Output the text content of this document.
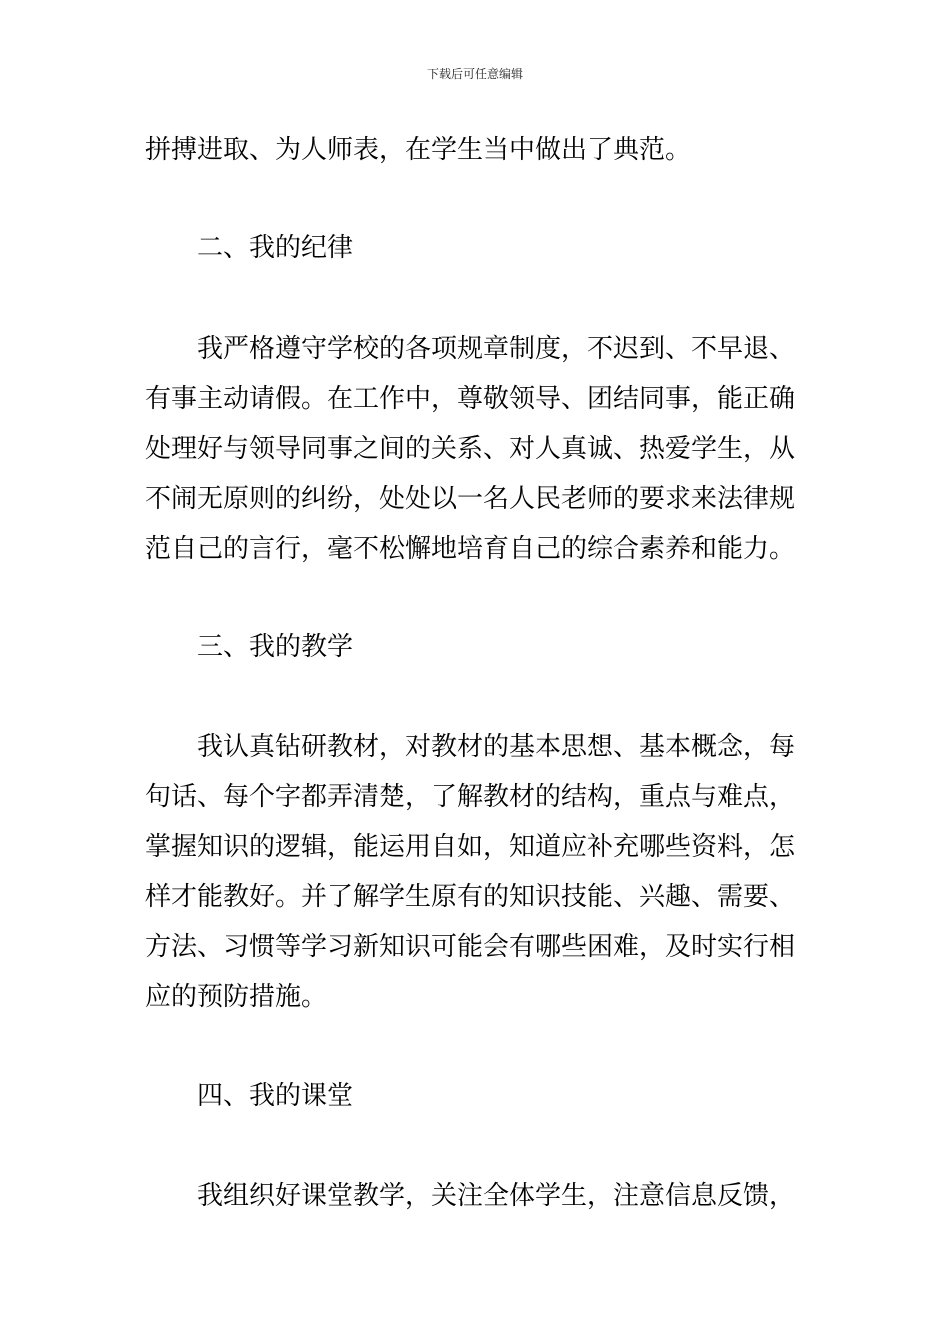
下载后可任意编辑
拼搏进取、为人师表，在学生当中做出了典范。
二、我的纪律
我严格遵守学校的各项规章制度，不迟到、不早退、
有事主动请假。在工作中，尊敬领导、团结同事，能正确
处理好与领导同事之间的关系、对人真诚、热爱学生，从
不闹无原则的纠纷，处处以一名人民老师的要求来法律规
范自己的言行，毫不松懈地培育自己的综合素养和能力。
三、我的教学
我认真钻研教材，对教材的基本思想、基本概念，每
句话、每个字都弄清楚，了解教材的结构，重点与难点，
掌握知识的逻辑，能运用自如，知道应补充哪些资料，怎
样才能教好。并了解学生原有的知识技能、兴趣、需要、
方法、习惯等学习新知识可能会有哪些困难，及时实行相
应的预防措施。
四、我的课堂
我组织好课堂教学，关注全体学生，注意信息反馈，
